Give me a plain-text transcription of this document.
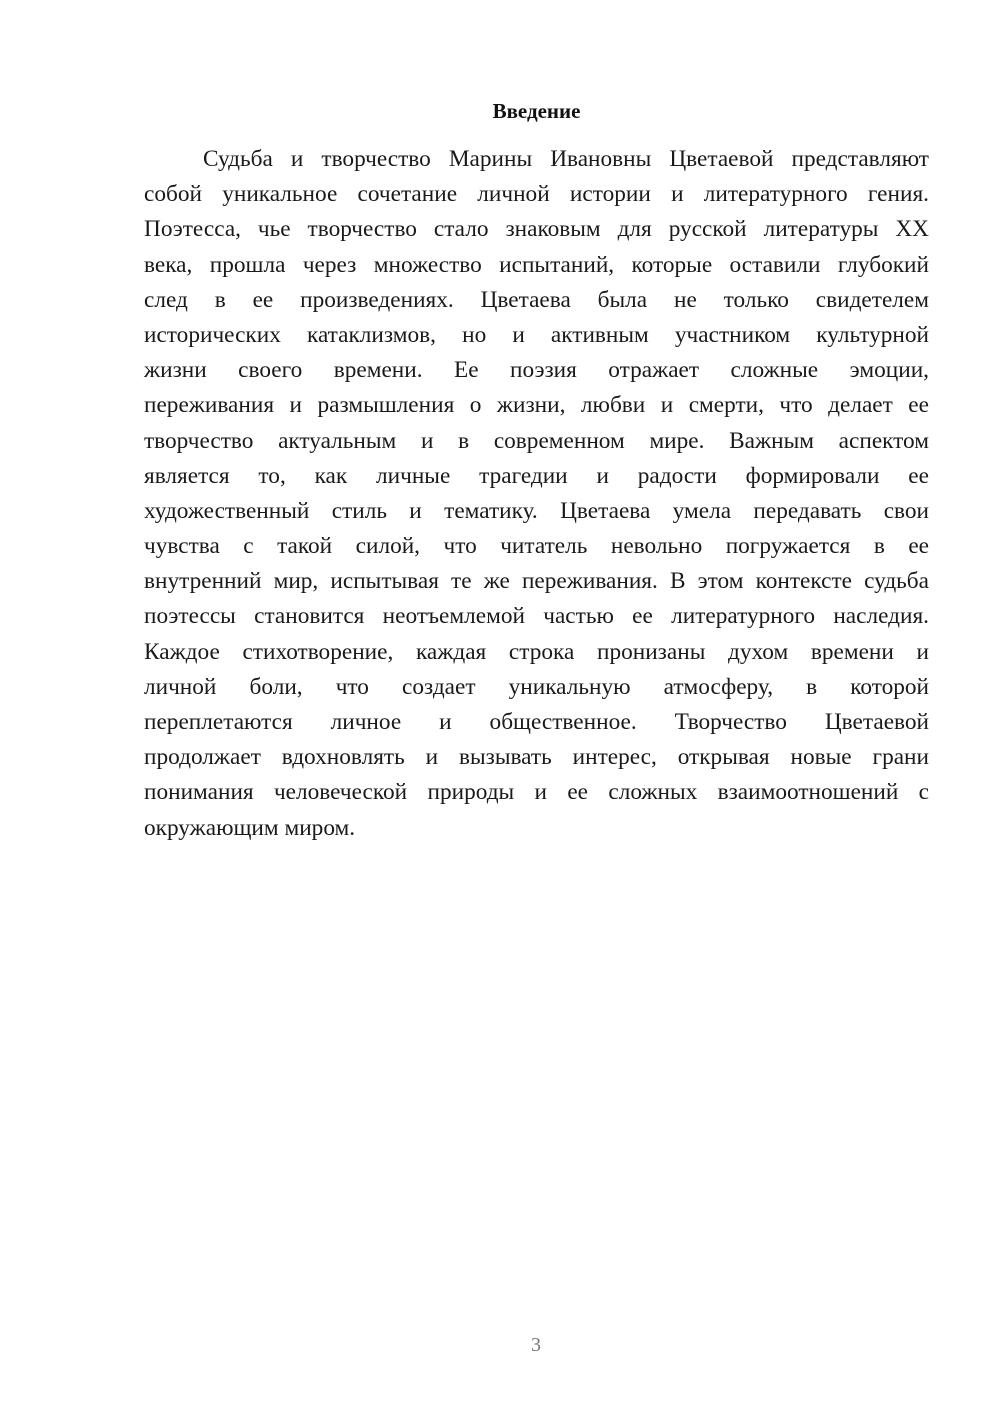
Введение
Судьба и творчество Марины Ивановны Цветаевой представляют
собой уникальное сочетание личной истории и литературного гения.
Поэтесса, чье творчество стало знаковым для русской литературы XX
века, прошла через множество испытаний, которые оставили глубокий
след в ее произведениях. Цветаева была не только свидетелем
исторических катаклизмов, но и активным участником культурной
жизни своего времени. Ее поэзия отражает сложные эмоции,
переживания и размышления о жизни, любви и смерти, что делает ее
творчество актуальным и в современном мире. Важным аспектом
является то, как личные трагедии и радости формировали ее
художественный стиль и тематику. Цветаева умела передавать свои
чувства с такой силой, что читатель невольно погружается в ее
внутренний мир, испытывая те же переживания. В этом контексте судьба
поэтессы становится неотъемлемой частью ее литературного наследия.
Каждое стихотворение, каждая строка пронизаны духом времени и
личной боли, что создает уникальную атмосферу, в которой
переплетаются личное и общественное. Творчество Цветаевой
продолжает вдохновлять и вызывать интерес, открывая новые грани
понимания человеческой природы и ее сложных взаимоотношений с
окружающим миром.
3
